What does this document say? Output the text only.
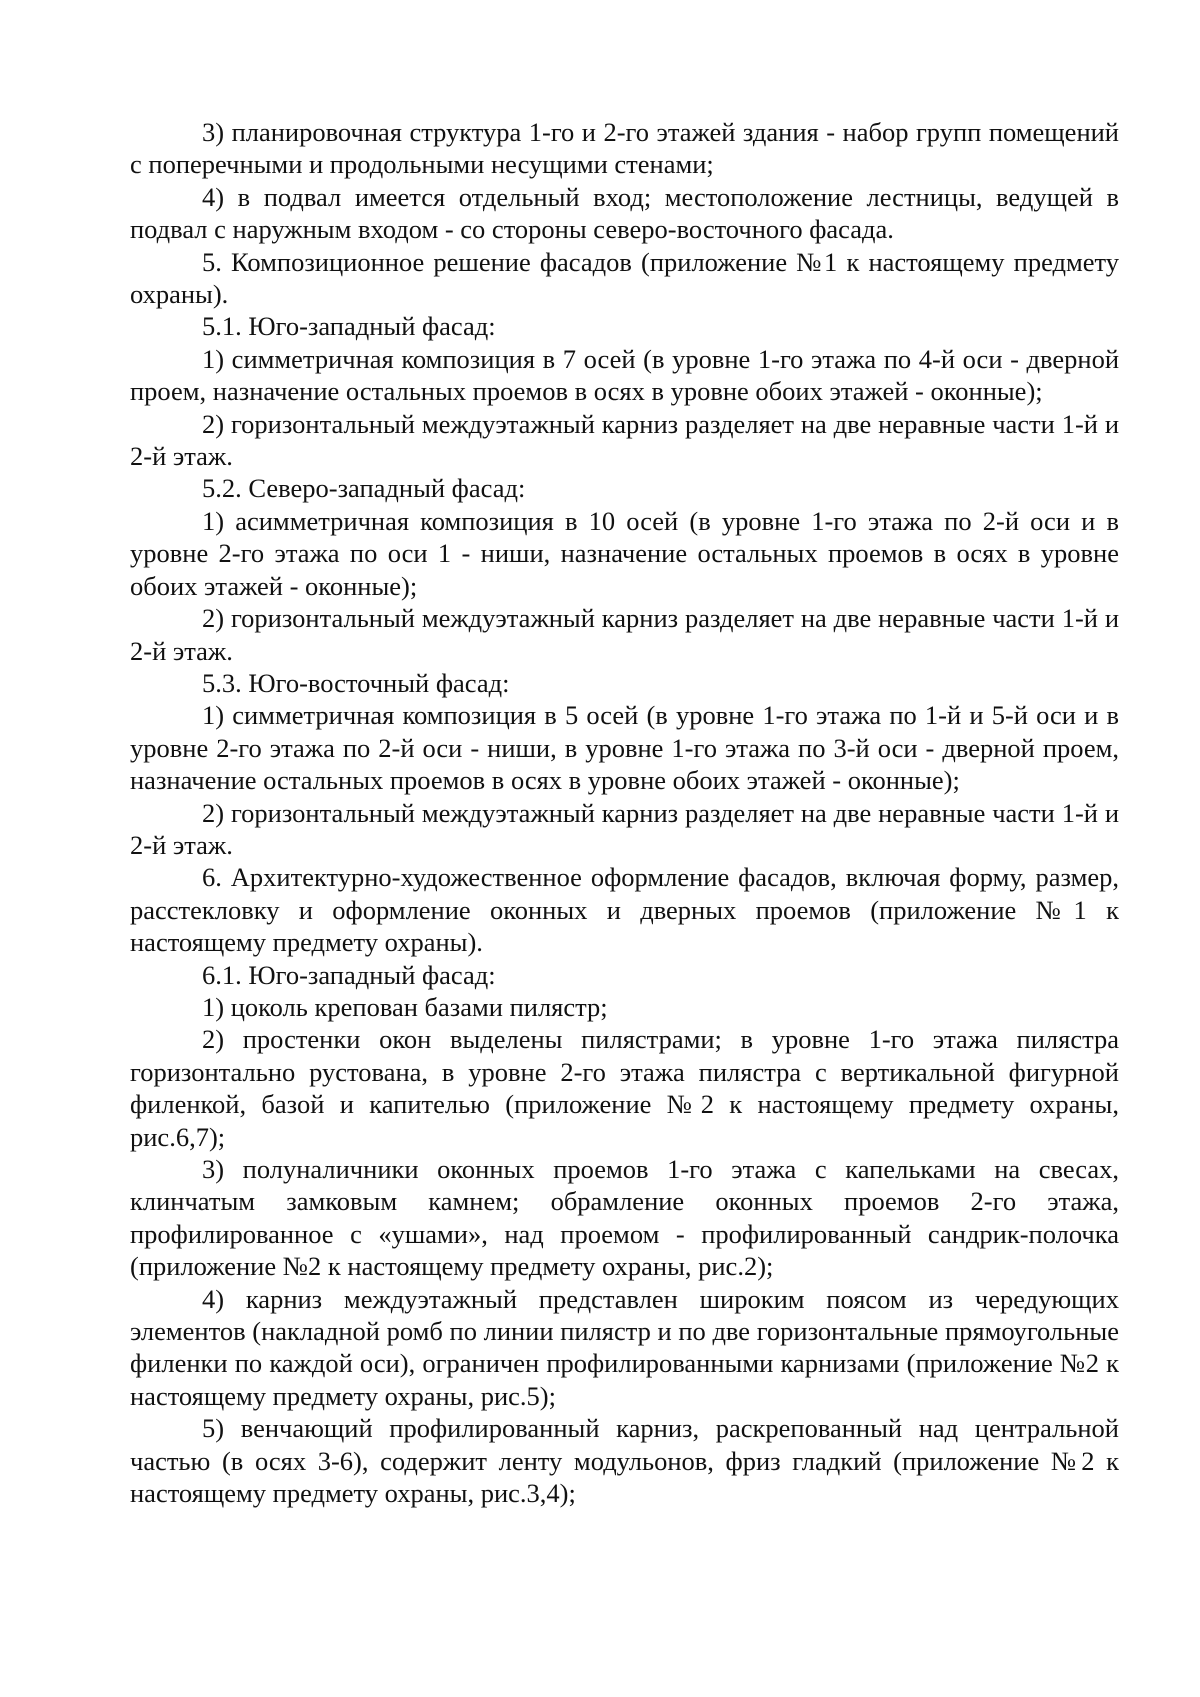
3) планировочная структура 1-го и 2-го этажей здания - набор групп помещений с поперечными и продольными несущими стенами;

4) в подвал имеется отдельный вход; местоположение лестницы, ведущей в подвал с наружным входом - со стороны северо-восточного фасада.

5. Композиционное решение фасадов (приложение №1 к настоящему предмету охраны).

5.1. Юго-западный фасад:

1) симметричная композиция в 7 осей (в уровне 1-го этажа по 4-й оси - дверной проем, назначение остальных проемов в осях в уровне обоих этажей - оконные);

2) горизонтальный междуэтажный карниз разделяет на две неравные части 1-й и 2-й этаж.

5.2. Северо-западный фасад:

1) асимметричная композиция в 10 осей (в уровне 1-го этажа по 2-й оси и в уровне 2-го этажа по оси 1 - ниши, назначение остальных проемов в осях в уровне обоих этажей - оконные);

2) горизонтальный междуэтажный карниз разделяет на две неравные части 1-й и 2-й этаж.

5.3. Юго-восточный фасад:

1) симметричная композиция в 5 осей (в уровне 1-го этажа по 1-й и 5-й оси и в уровне 2-го этажа по 2-й оси - ниши, в уровне 1-го этажа по 3-й оси - дверной проем, назначение остальных проемов в осях в уровне обоих этажей - оконные);

2) горизонтальный междуэтажный карниз разделяет на две неравные части 1-й и 2-й этаж.

6. Архитектурно-художественное оформление фасадов, включая форму, размер, расстекловку и оформление оконных и дверных проемов (приложение №1 к настоящему предмету охраны).

6.1. Юго-западный фасад:

1) цоколь крепован базами пилястр;

2) простенки окон выделены пилястрами; в уровне 1-го этажа пилястра горизонтально рустована, в уровне 2-го этажа пилястра с вертикальной фигурной филенкой, базой и капителью (приложение №2 к настоящему предмету охраны, рис.6,7);

3) полуналичники оконных проемов 1-го этажа с капельками на свесах, клинчатым замковым камнем; обрамление оконных проемов 2-го этажа, профилированное с «ушами», над проемом - профилированный сандрик-полочка (приложение №2 к настоящему предмету охраны, рис.2);

4) карниз междуэтажный представлен широким поясом из чередующих элементов (накладной ромб по линии пилястр и по две горизонтальные прямоугольные филенки по каждой оси), ограничен профилированными карнизами (приложение №2 к настоящему предмету охраны, рис.5);

5) венчающий профилированный карниз, раскрепованный над центральной частью (в осях 3-6), содержит ленту модульонов, фриз гладкий (приложение №2 к настоящему предмету охраны, рис.3,4);
